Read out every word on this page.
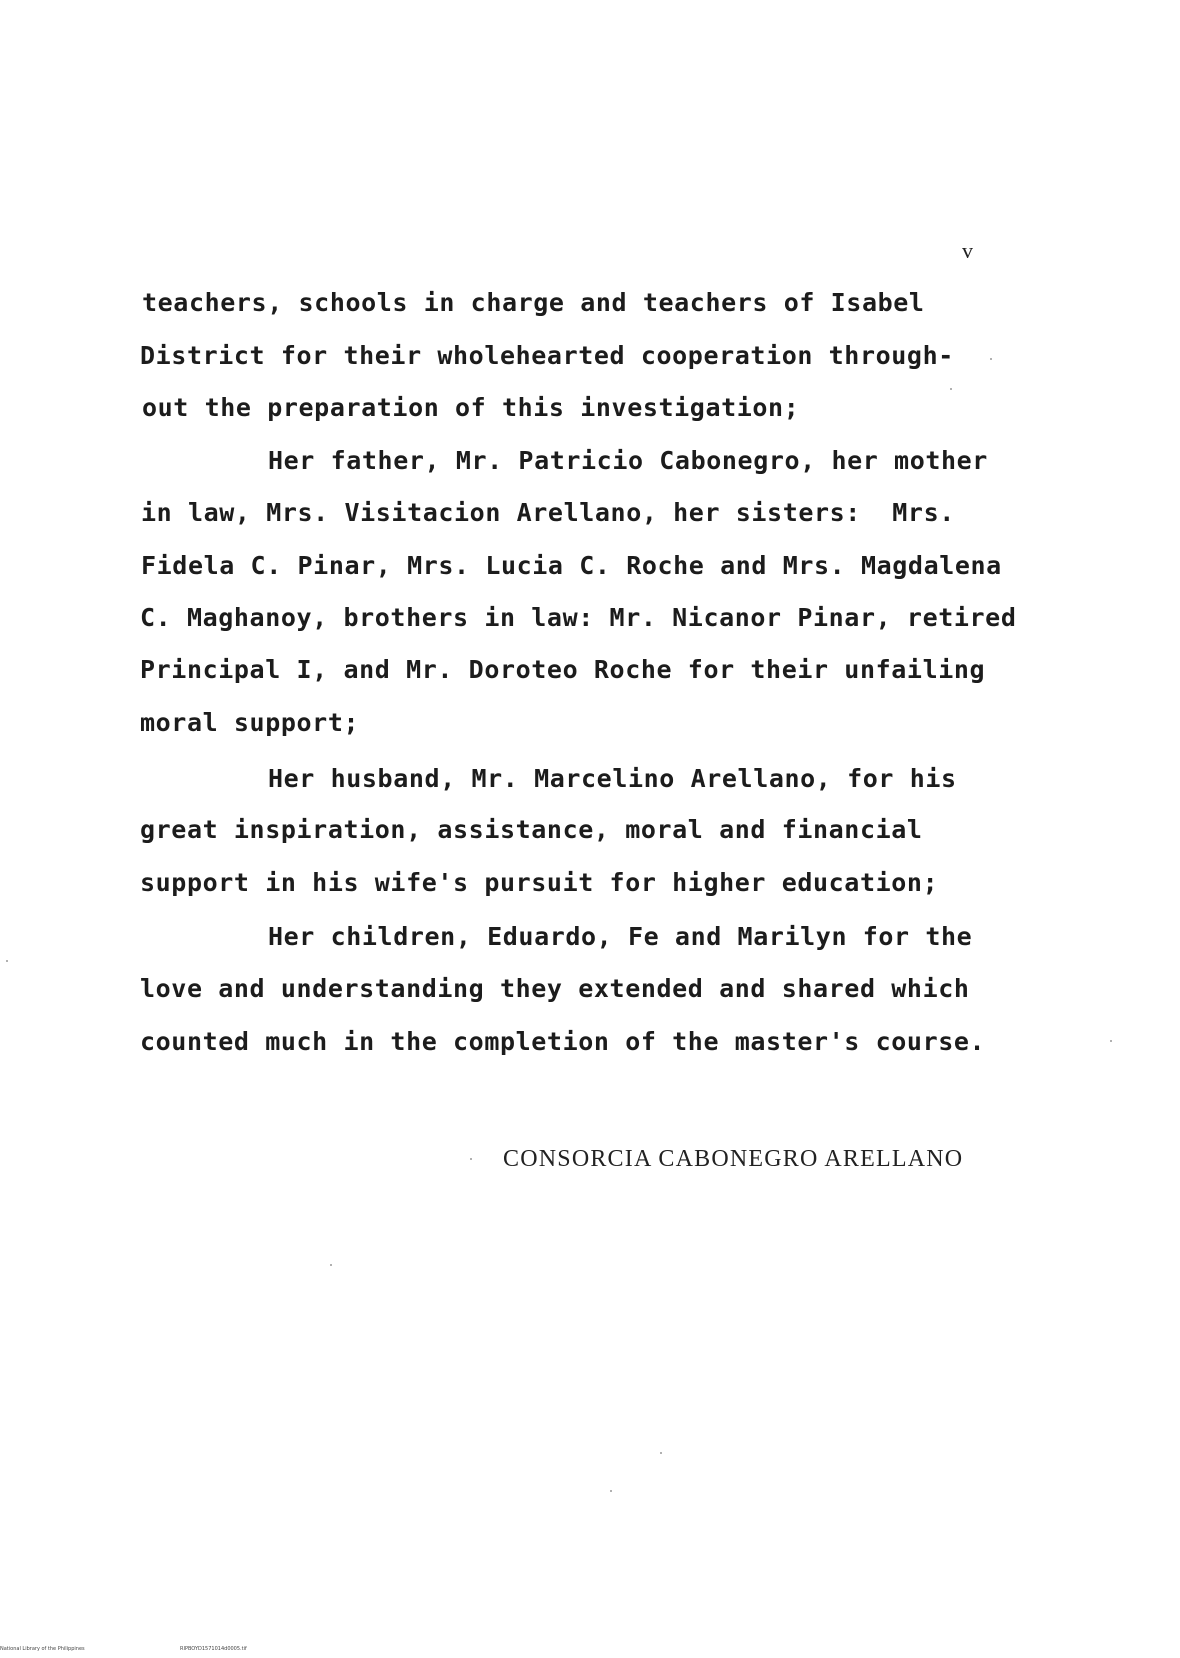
v
teachers, schools in charge and teachers of Isabel
District for their wholehearted cooperation through-
out the preparation of this investigation;
Her father, Mr. Patricio Cabonegro, her mother
in law, Mrs. Visitacion Arellano, her sisters:  Mrs.
Fidela C. Pinar, Mrs. Lucia C. Roche and Mrs. Magdalena
C. Maghanoy, brothers in law: Mr. Nicanor Pinar, retired
Principal I, and Mr. Doroteo Roche for their unfailing
moral support;
Her husband, Mr. Marcelino Arellano, for his
great inspiration, assistance, moral and financial
support in his wife's pursuit for higher education;
Her children, Eduardo, Fe and Marilyn for the
love and understanding they extended and shared which
counted much in the completion of the master's course.
CONSORCIA CABONEGRO ARELLANO
National Library of the Philippines	RIPBOYD1571014d0005.tif
